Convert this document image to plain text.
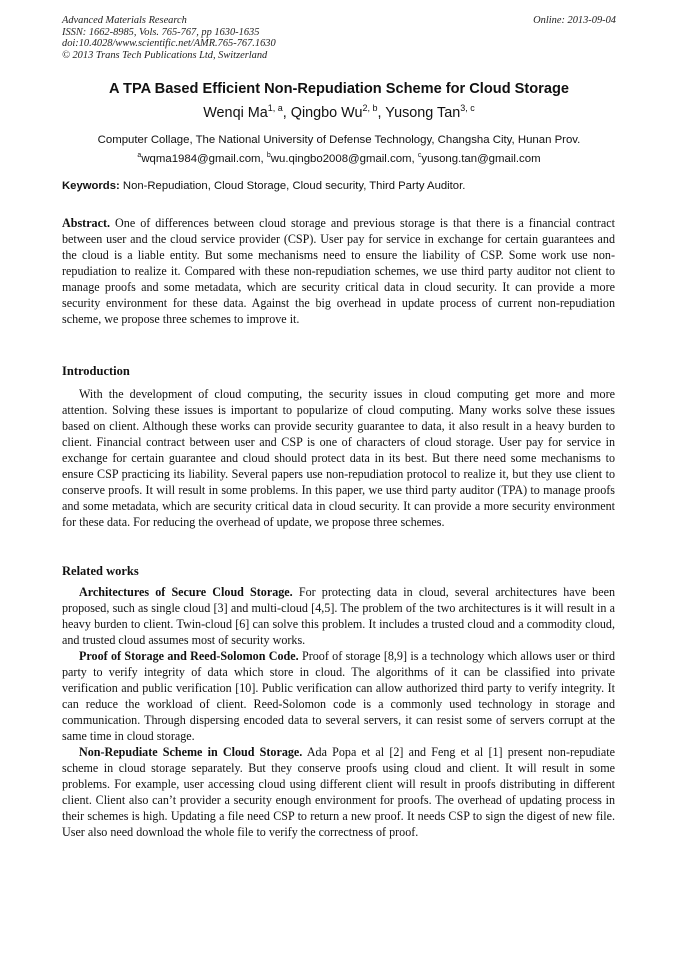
Advanced Materials Research
ISSN: 1662-8985, Vols. 765-767, pp 1630-1635
doi:10.4028/www.scientific.net/AMR.765-767.1630
© 2013 Trans Tech Publications Ltd, Switzerland
Online: 2013-09-04
A TPA Based Efficient Non-Repudiation Scheme for Cloud Storage
Wenqi Ma$^{1, a}$, Qingbo Wu$^{2, b}$, Yusong Tan$^{3, c}$
Computer Collage, The National University of Defense Technology, Changsha City, Hunan Prov.
$^a$wqma1984@gmail.com, $^b$wu.qingbo2008@gmail.com, $^c$yusong.tan@gmail.com
Keywords: Non-Repudiation, Cloud Storage, Cloud security, Third Party Auditor.
Abstract. One of differences between cloud storage and previous storage is that there is a financial contract between user and the cloud service provider (CSP). User pay for service in exchange for certain guarantees and the cloud is a liable entity. But some mechanisms need to ensure the liability of CSP. Some work use non-repudiation to realize it. Compared with these non-repudiation schemes, we use third party auditor not client to manage proofs and some metadata, which are security critical data in cloud security. It can provide a more security environment for these data. Against the big overhead in update process of current non-repudiation scheme, we propose three schemes to improve it.
Introduction

With the development of cloud computing, the security issues in cloud computing get more and more attention. Solving these issues is important to popularize of cloud computing. Many works solve these issues based on client. Although these works can provide security guarantee to data, it also result in a heavy burden to client. Financial contract between user and CSP is one of characters of cloud storage. User pay for service in exchange for certain guarantee and cloud should protect data in its best. But there need some mechanisms to ensure CSP practicing its liability. Several papers use non-repudiation protocol to realize it, but they use client to conserve proofs. It will result in some problems. In this paper, we use third party auditor (TPA) to manage proofs and some metadata, which are security critical data in cloud security. It can provide a more security environment for these data. For reducing the overhead of update, we propose three schemes.

Related works

Architectures of Secure Cloud Storage. For protecting data in cloud, several architectures have been proposed, such as single cloud [3] and multi-cloud [4,5]. The problem of the two architectures is it will result in a heavy burden to client. Twin-cloud [6] can solve this problem. It includes a trusted cloud and a commodity cloud, and trusted cloud assumes most of security works.

Proof of Storage and Reed-Solomon Code. Proof of storage [8,9] is a technology which allows user or third party to verify integrity of data which store in cloud. The algorithms of it can be classified into private verification and public verification [10]. Public verification can allow authorized third party to verify integrity. It can reduce the workload of client. Reed-Solomon code is a commonly used technology in storage and communication. Through dispersing encoded data to several servers, it can resist some of servers corrupt at the same time in cloud storage.

Non-Repudiate Scheme in Cloud Storage. Ada Popa et al [2] and Feng et al [1] present non-repudiate scheme in cloud storage separately. But they conserve proofs using cloud and client. It will result in some problems. For example, user accessing cloud using different client will result in proofs distributing in different client. Client also can’t provider a security enough environment for proofs. The overhead of updating process in their schemes is high. Updating a file need CSP to return a new proof. It needs CSP to sign the digest of new file. User also need download the whole file to verify the correctness of proof.
